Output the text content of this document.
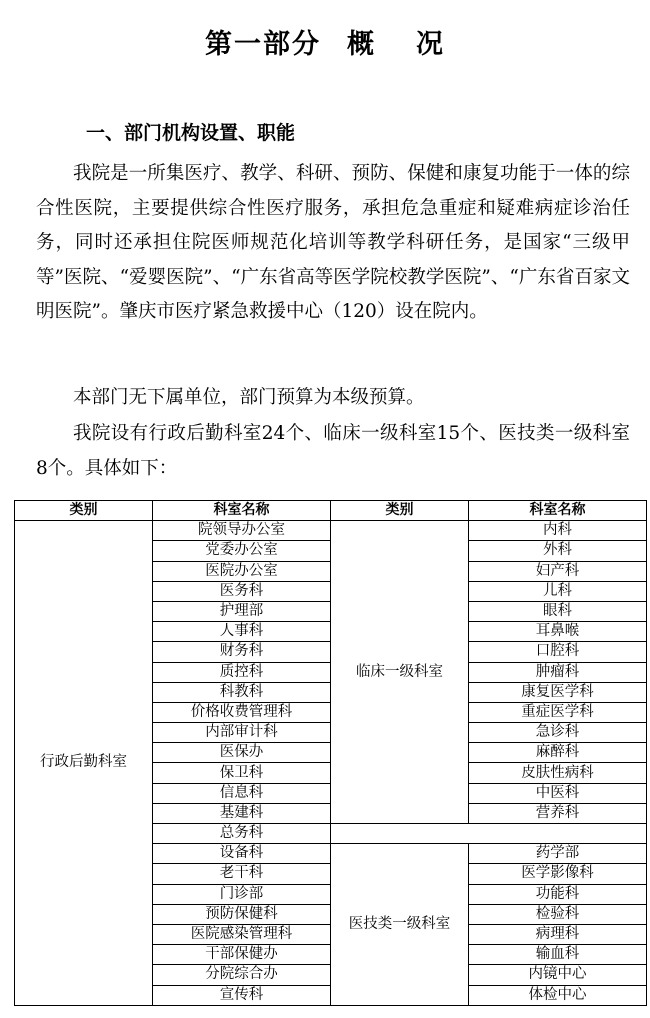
第一部分 概 况
一、部门机构设置、职能

我院是一所集医疗、教学、科研、预防、保健和康复功能于一体的综合性医院，主要提供综合性医疗服务，承担危急重症和疑难病症诊治任务，同时还承担住院医师规范化培训等教学科研任务，是国家“三级甲等”医院、“爱婴医院”、“广东省高等医学院校教学医院”、“广东省百家文明医院”。肇庆市医疗紧急救援中心（120）设在院内。

本部门无下属单位，部门预算为本级预算。

我院设有行政后勤科室24个、临床一级科室15个、医技类一级科室8个。具体如下：

类别	科室名称	类别	科室名称
行政后勤科室	院领导办公室	临床一级科室	内科
	党委办公室		外科
	医院办公室		妇产科
	医务科		儿科
	护理部		眼科
	人事科		耳鼻喉
	财务科		口腔科
	质控科		肿瘤科
	科教科		康复医学科
	价格收费管理科		重症医学科
	内部审计科		急诊科
	医保办		麻醉科
	保卫科		皮肤性病科
	信息科		中医科
	基建科		营养科
	总务科		
	设备科	医技类一级科室	药学部
	老干科		医学影像科
	门诊部		功能科
	预防保健科		检验科
	医院感染管理科		病理科
	干部保健办		输血科
	分院综合办		内镜中心
	宣传科		体检中心
